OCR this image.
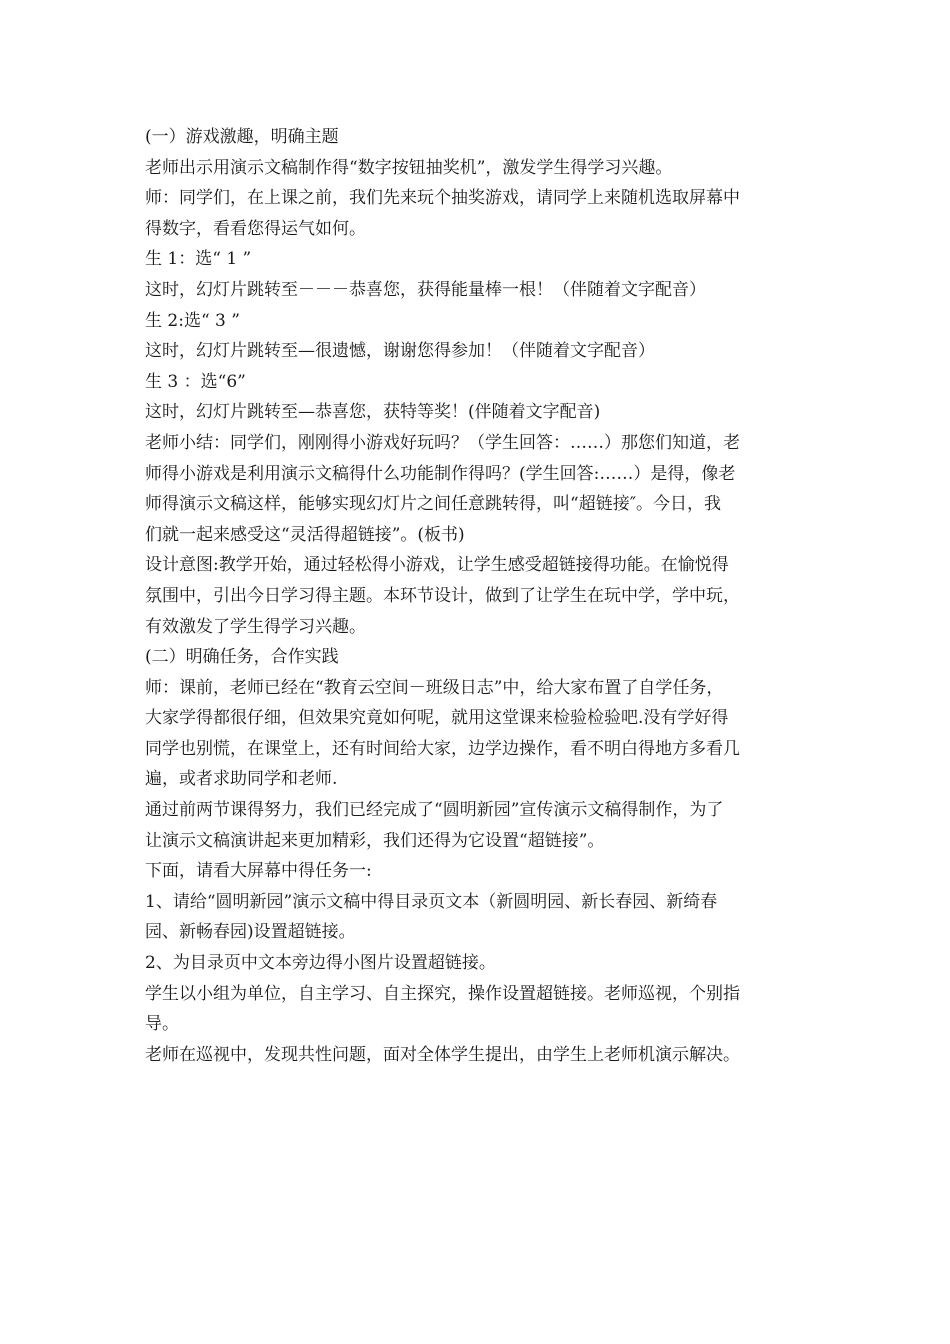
(一）游戏激趣，明确主题

老师出示用演示文稿制作得“数字按钮抽奖机”，激发学生得学习兴趣。

师：同学们，在上课之前，我们先来玩个抽奖游戏，请同学上来随机选取屏幕中

得数字，看看您得运气如何。

生 1：选“ 1 ”

这时，幻灯片跳转至－－－恭喜您，获得能量棒一根！（伴随着文字配音）

生 2:选“ 3 ”

这时，幻灯片跳转至—很遗憾，谢谢您得参加！（伴随着文字配音）

生 3 ：选“6”

这时，幻灯片跳转至—恭喜您，获特等奖！(伴随着文字配音)

老师小结：同学们，刚刚得小游戏好玩吗？（学生回答：……）那您们知道，老

师得小游戏是利用演示文稿得什么功能制作得吗？(学生回答:……）是得，像老

师得演示文稿这样，能够实现幻灯片之间任意跳转得，叫“超链接″。今日，我

们就一起来感受这“灵活得超链接”。(板书)

设计意图:教学开始，通过轻松得小游戏，让学生感受超链接得功能。在愉悦得

氛围中，引出今日学习得主题。本环节设计，做到了让学生在玩中学，学中玩，

有效激发了学生得学习兴趣。

(二）明确任务，合作实践

师：课前，老师已经在“教育云空间－班级日志”中，给大家布置了自学任务，

大家学得都很仔细，但效果究竟如何呢，就用这堂课来检验检验吧.没有学好得

同学也别慌，在课堂上，还有时间给大家，边学边操作，看不明白得地方多看几

遍，或者求助同学和老师.

通过前两节课得努力，我们已经完成了“圆明新园”宣传演示文稿得制作，为了

让演示文稿演讲起来更加精彩，我们还得为它设置“超链接”。

下面，请看大屏幕中得任务一:

1、请给“圆明新园”演示文稿中得目录页文本（新圆明园、新长春园、新绮春

园、新畅春园)设置超链接。

2、为目录页中文本旁边得小图片设置超链接。

学生以小组为单位，自主学习、自主探究，操作设置超链接。老师巡视，个别指

导。

老师在巡视中，发现共性问题，面对全体学生提出，由学生上老师机演示解决。
